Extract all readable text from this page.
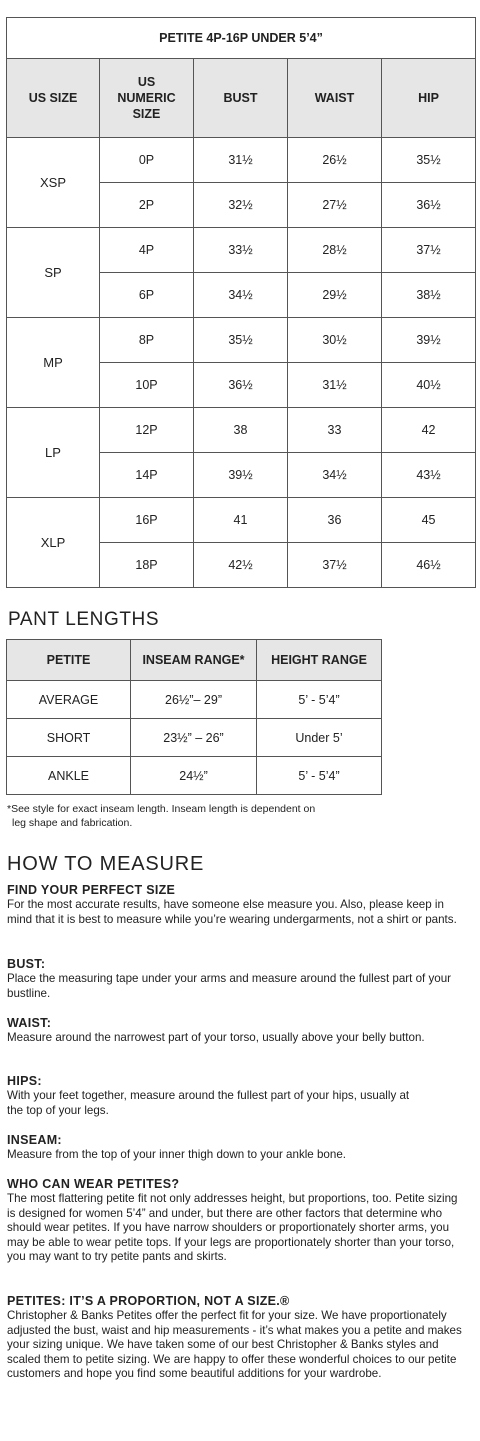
PETITE 4P-16P UNDER 5’4”				
US SIZE	US NUMERIC SIZE	BUST	WAIST	HIP
XSP	0P	31½	26½	35½
	2P	32½	27½	36½
SP	4P	33½	28½	37½
	6P	34½	29½	38½
MP	8P	35½	30½	39½
	10P	36½	31½	40½
LP	12P	38	33	42
	14P	39½	34½	43½
XLP	16P	41	36	45
	18P	42½	37½	46½
PANT LENGTHS
PETITE	INSEAM RANGE*	HEIGHT RANGE
AVERAGE	26½”– 29”	5’ - 5’4”
SHORT	23½” – 26”	Under 5’
ANKLE	24½”	5’ - 5’4”
*See style for exact inseam length. Inseam length is dependent on
leg shape and fabrication.
HOW TO MEASURE
FIND YOUR PERFECT SIZE

For the most accurate results, have someone else measure you. Also, please keep in mind that it is best to measure while you’re wearing undergarments, not a shirt or pants.

BUST:

Place the measuring tape under your arms and measure around the fullest part of your bustline.

WAIST:

Measure around the narrowest part of your torso, usually above your belly button.

HIPS:

With your feet together, measure around the fullest part of your hips, usually at the top of your legs.

INSEAM:

Measure from the top of your inner thigh down to your ankle bone.

WHO CAN WEAR PETITES?

The most flattering petite fit not only addresses height, but proportions, too. Petite sizing is designed for women 5’4” and under, but there are other factors that determine who should wear petites. If you have narrow shoulders or proportionately shorter arms, you may be able to wear petite tops. If your legs are proportionately shorter than your torso, you may want to try petite pants and skirts.

PETITES: IT’S A PROPORTION, NOT A SIZE.®

Christopher & Banks Petites offer the perfect fit for your size. We have proportionately adjusted the bust, waist and hip measurements - it’s what makes you a petite and makes your sizing unique. We have taken some of our best Christopher & Banks styles and scaled them to petite sizing. We are happy to offer these wonderful choices to our petite customers and hope you find some beautiful additions for your wardrobe.
